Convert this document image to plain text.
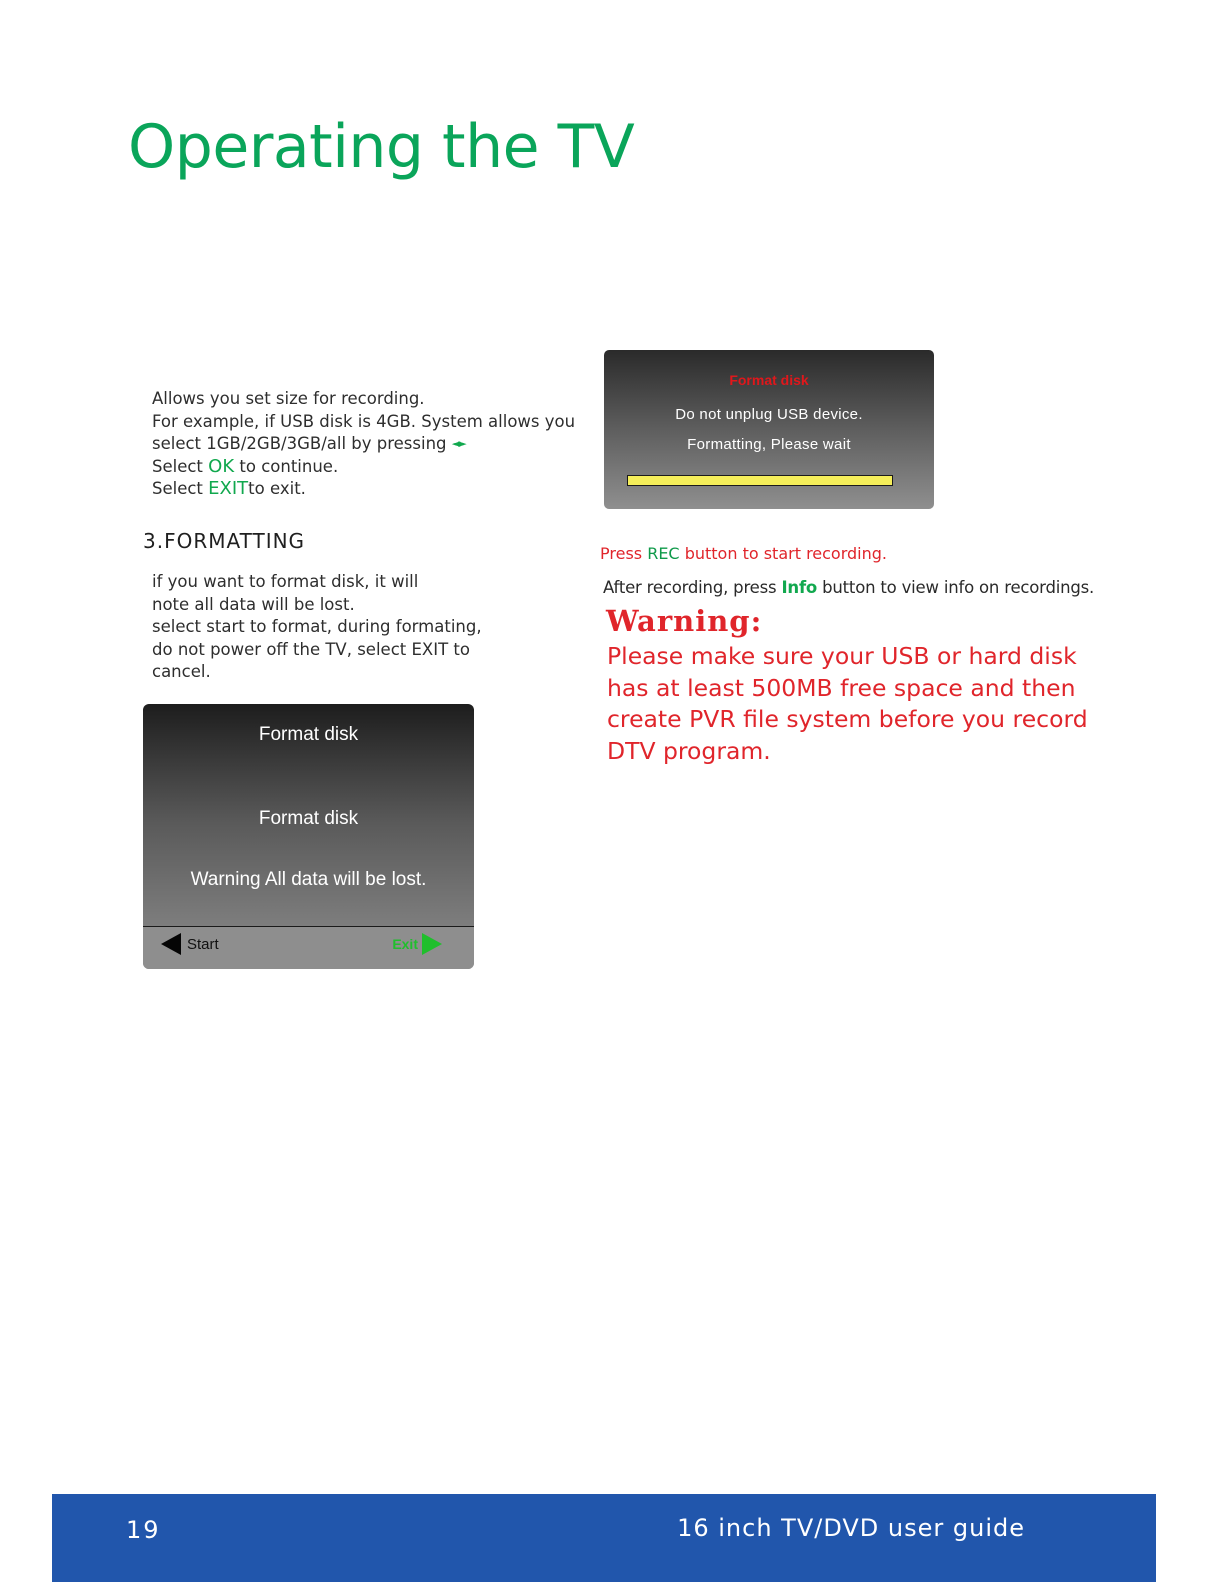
Operating the TV
Allows you set size for recording.
For example, if USB disk is 4GB. System allows you
select 1GB/2GB/3GB/all by pressing ◄►
Select OK to continue.
Select EXITto exit.
3.FORMATTING
if you want to format disk, it will
note all data will be lost.
select start to format, during formating,
do not power off the TV, select EXIT to
cancel.
Format disk
Format disk
Warning All data will be lost.
Start	Exit
Format disk
Do not unplug USB device.
Formatting, Please wait
Press REC button to start recording.
After recording, press Info button to view info on recordings.
Warning:
Please make sure your USB or hard disk
has at least 500MB free space and then
create PVR file system before you record
DTV program.
19	16 inch TV/DVD user guide
